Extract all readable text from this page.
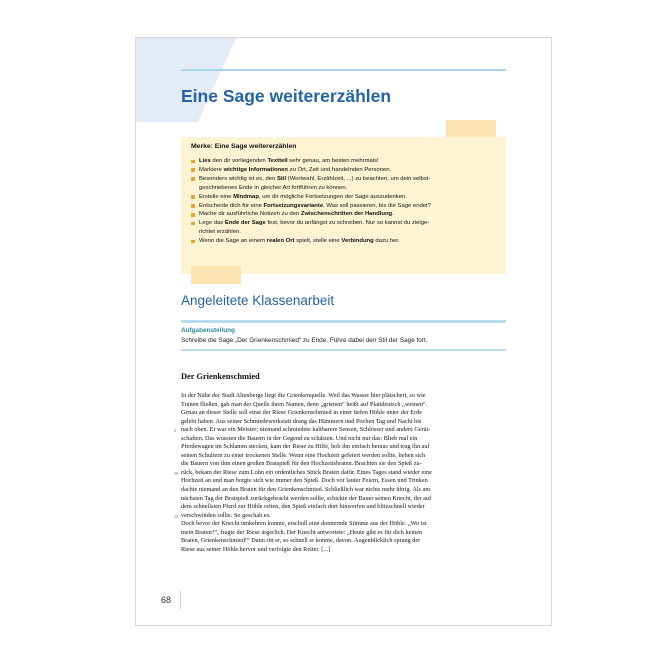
Eine Sage weitererzählen
Merke: Eine Sage weitererzählen
Lies den dir vorliegenden Textteil sehr genau, am besten mehrmals!
Markiere wichtige Informationen zu Ort, Zeit und handelnden Personen.
Besonders wichtig ist es, den Stil (Wortwahl, Erzählzeit, ...) zu beachten, um dein selbst-
geschriebenes Ende in gleicher Art fortführen zu können.
Erstelle eine Mindmap, um dir mögliche Fortsetzungen der Sage auszudenken.
Entscheide dich für eine Fortsetzungsvariante. Was soll passieren, bis die Sage endet?
Mache dir ausführliche Notizen zu den Zwischenschritten der Handlung.
Lege das Ende der Sage fest, bevor du anfängst zu schreiben. Nur so kannst du zielge-
richtet erzählen.
Wenn die Sage an einem realen Ort spielt, stelle eine Verbindung dazu her.
Angeleitete Klassenarbeit
Aufgabenstellung
Schreibe die Sage „Der Grienkenschmied“ zu Ende. Führe dabei den Stil der Sage fort.
Der Grienkenschmied
In der Nähe der Stadt Altenberge liegt die Grienkenquelle. Weil das Wasser hier plätschert, so wie
Tränen fließen, gab man der Quelle ihren Namen, denn „grienen“ heißt auf Plattdeutsch „weinen“.
Genau an dieser Stelle soll einst der Riese Grienkenschmied in einer tiefen Höhle unter der Erde
gelebt haben. Aus seiner Schmiedewerkstatt drang das Hämmern und Pochen Tag und Nacht bis
5 nach oben. Er war ein Meister; niemand schmiedete haltbarere Sensen, Schlösser und andere Gerät-
schaften. Das wussten die Bauern in der Gegend zu schätzen. Und nicht nur das: Blieb mal ein
Pferdewagen im Schlamm stecken, kam der Riese zu Hilfe, hob ihn einfach heraus und trug ihn auf
seinen Schultern zu einer trockenen Stelle. Wenn eine Hochzeit gefeiert werden sollte, liehen sich
die Bauern von ihm einen großen Bratspieß für den Hochzeitsbraten. Brachten sie den Spieß zu-
10 rück, bekam der Riese zum Lohn ein ordentliches Stück Braten dafür. Eines Tages stand wieder eine
Hochzeit an und man borgte sich wie immer den Spieß. Doch vor lauter Feiern, Essen und Trinken
dachte niemand an den Braten für den Grienkenschmied. Schließlich war nichts mehr übrig. Als am
nächsten Tag der Bratspieß zurückgebracht werden sollte, schickte der Bauer seinen Knecht, der auf
dem schnellsten Pferd zur Höhle reiten, den Spieß einfach dort hinwerfen und blitzschnell wieder
15 verschwinden sollte. So geschah es.
Doch bevor der Knecht umkehren konnte, erscholl eine donnernde Stimme aus der Höhle. „Wo ist
mein Braten?“, fragte der Riese ärgerlich. Der Knecht antwortete: „Heute gibt es für dich keinen
Braten, Grienkenschmied!“ Dann ritt er, so schnell er konnte, davon. Augenblicklich sprang der
Riese aus seiner Höhle hervor und verfolgte den Reiter. [...]
68
